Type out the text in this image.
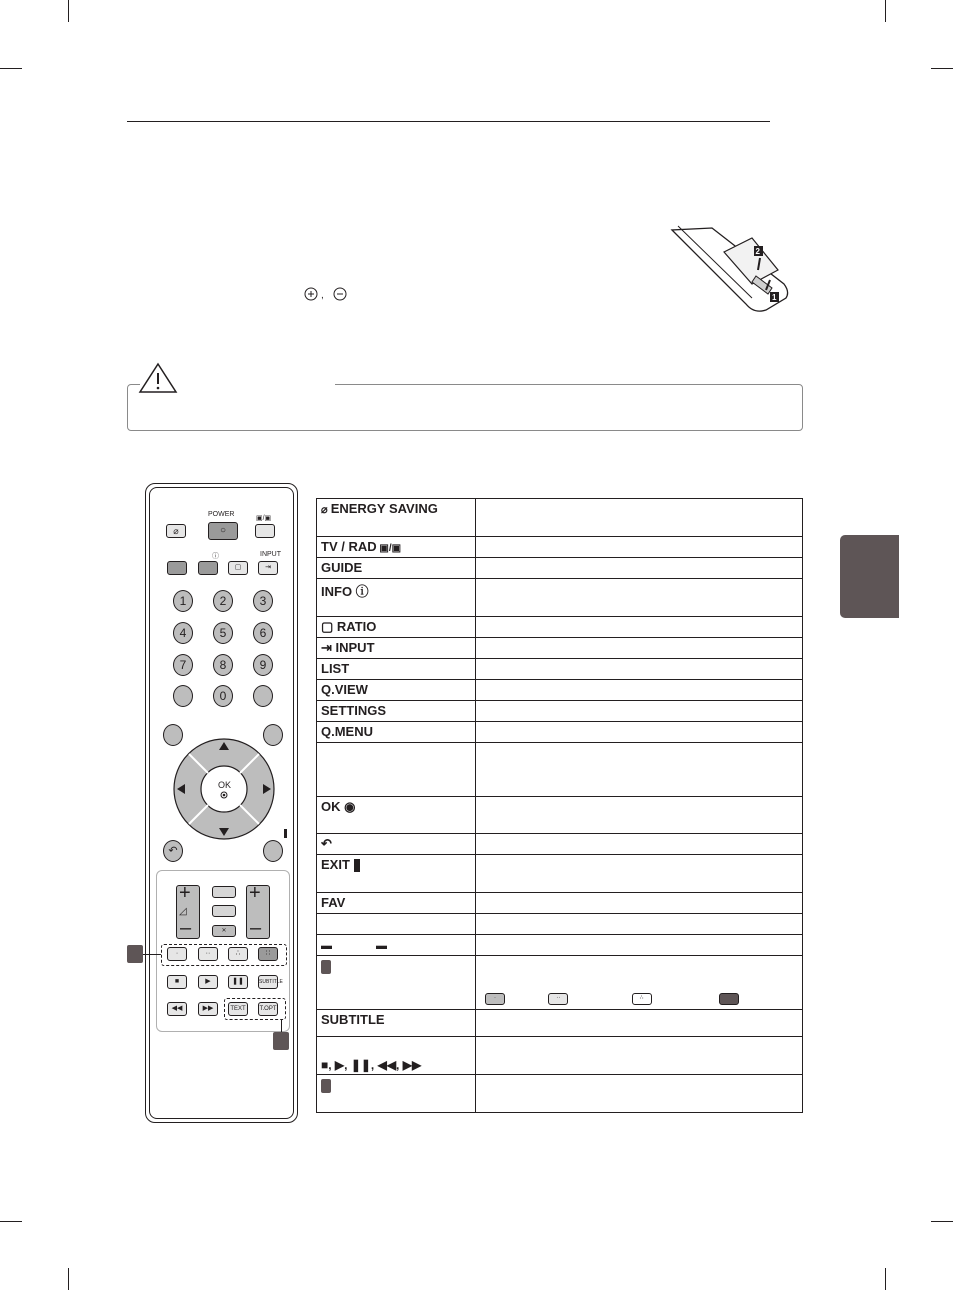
2
1
,
⌀
POWER
○
▣/▣
ⓘ	INPUT
▢	⇥
1	2	3
4	5	6
7	8	9
0
OK
↶
+
◿
–
+
–
✕
·	··	∴	∷
■	▶	❚❚	SUBTITLE
◀◀	▶▶	TEXT	T.OPT
⌀ ENERGY SAVING	
TV / RAD ▣/▣	
GUIDE	
INFO ⓘ	
▢ RATIO	
⇥ INPUT	
LIST	
Q.VIEW	
SETTINGS	
Q.MENU	

OK ◉	
↶	
EXIT	
FAV	

▬ ▬	

	· ·· ∴

SUBTITLE	
■, ▶, ❚❚, ◀◀, ▶▶	
